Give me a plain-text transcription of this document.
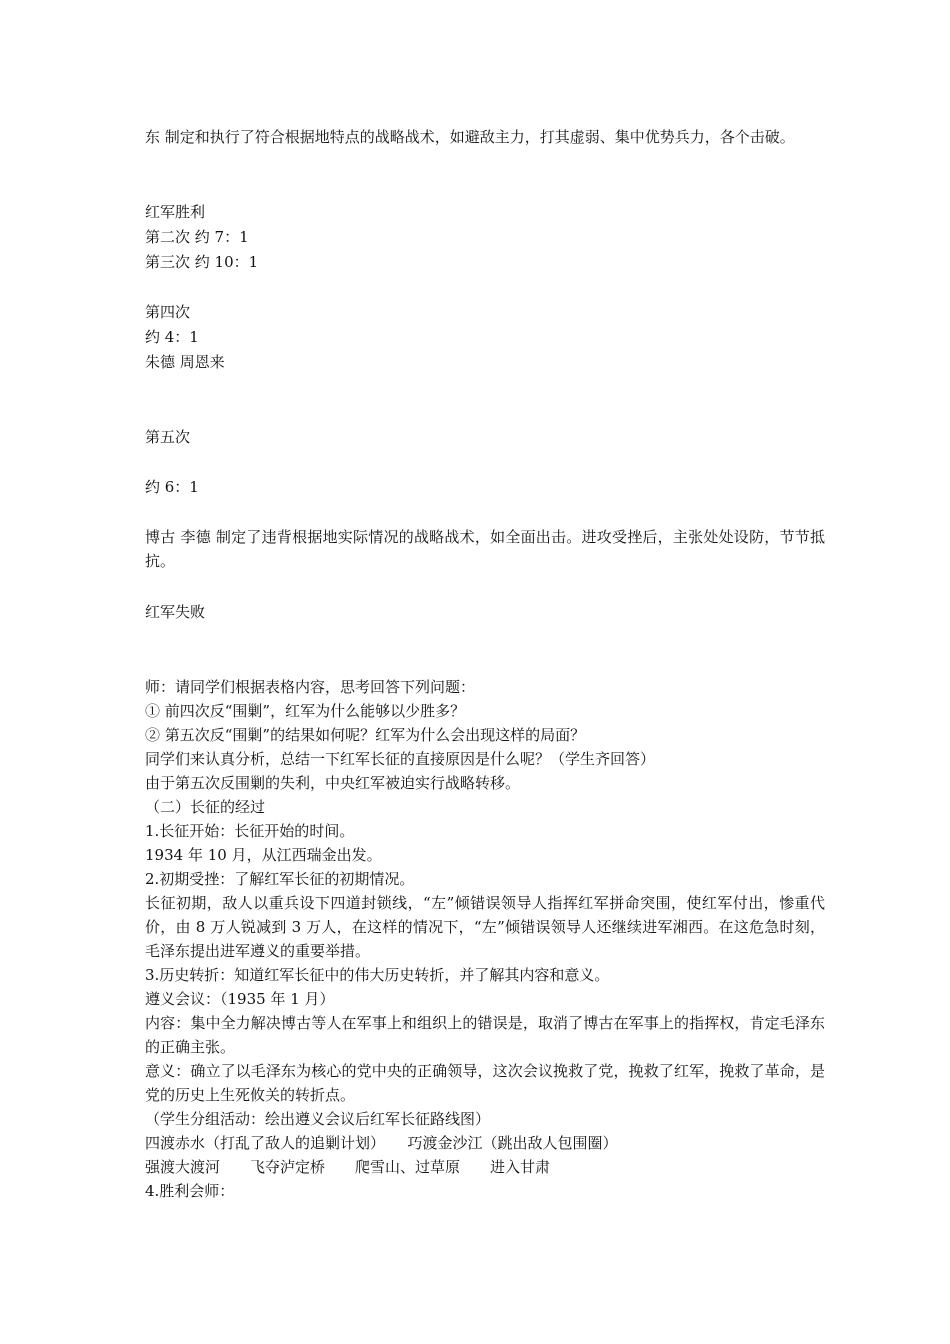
东 制定和执行了符合根据地特点的战略战术，如避敌主力，打其虚弱、集中优势兵力，各个击破。
红军胜利
第二次 约 7：1
第三次 约 10：1
第四次
约 4：1
朱德 周恩来
第五次
约 6：1
博古 李德 制定了违背根据地实际情况的战略战术，如全面出击。进攻受挫后，主张处处设防，节节抵抗。
红军失败
师：请同学们根据表格内容，思考回答下列问题：
① 前四次反“围剿”，红军为什么能够以少胜多？
② 第五次反“围剿”的结果如何呢？红军为什么会出现这样的局面？
同学们来认真分析，总结一下红军长征的直接原因是什么呢？（学生齐回答）
由于第五次反围剿的失利，中央红军被迫实行战略转移。
（二）长征的经过
1.长征开始：长征开始的时间。
1934 年 10 月，从江西瑞金出发。
2.初期受挫：了解红军长征的初期情况。
长征初期，敌人以重兵设下四道封锁线，“左”倾错误领导人指挥红军拼命突围，使红军付出，惨重代价，由 8 万人锐减到 3 万人，在这样的情况下，“左”倾错误领导人还继续进军湘西。在这危急时刻，毛泽东提出进军遵义的重要举措。
3.历史转折：知道红军长征中的伟大历史转折，并了解其内容和意义。
遵义会议：（1935 年 1 月）
内容：集中全力解决博古等人在军事上和组织上的错误是，取消了博古在军事上的指挥权，肯定毛泽东的正确主张。
意义：确立了以毛泽东为核心的党中央的正确领导，这次会议挽救了党，挽救了红军，挽救了革命，是党的历史上生死攸关的转折点。
（学生分组活动：绘出遵义会议后红军长征路线图）
四渡赤水（打乱了敌人的追剿计划）　　巧渡金沙江（跳出敌人包围圈）
强渡大渡河　　飞夺泸定桥　　爬雪山、过草原　　进入甘肃
4.胜利会师：
